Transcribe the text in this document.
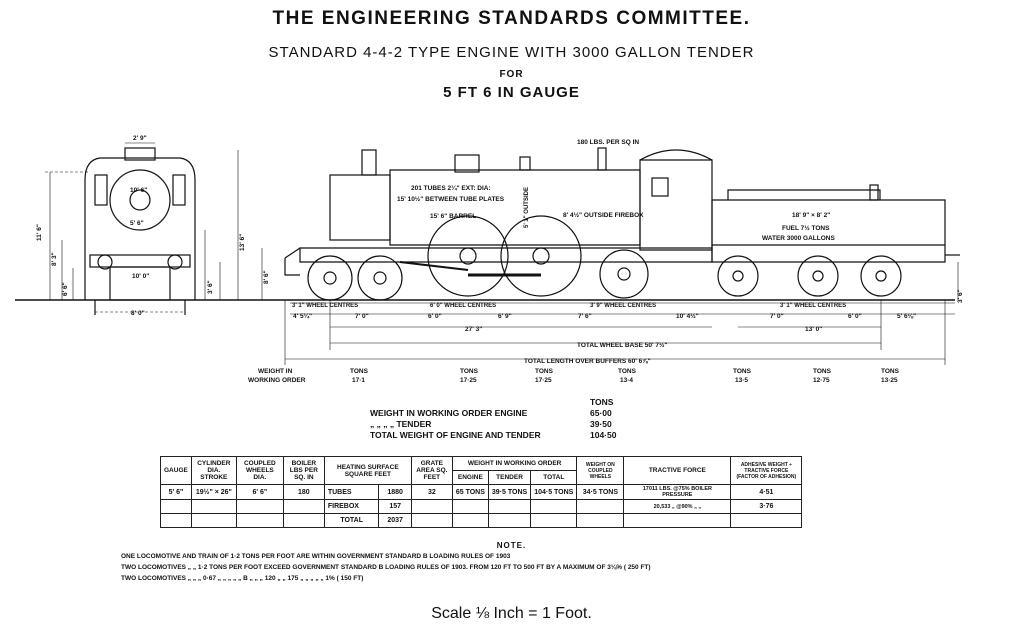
THE ENGINEERING STANDARDS COMMITTEE.
STANDARD 4-4-2 TYPE ENGINE WITH 3000 GALLON TENDER
FOR
5 FT 6 IN GAUGE
2' 9"
10' 6"
5' 6"
10' 0"
8' 0"
11' 6"
8' 3"
6' 6"	3' 6"
13' 6"
8' 6"
3' 6"
180 LBS. PER SQ IN
201 TUBES 2¼" EXT: DIA:
15' 10½" BETWEEN TUBE PLATES
15' 6" BARREL	5' 1" OUTSIDE	8' 4½" OUTSIDE FIREBOX	18' 9" × 8' 2"
FUEL 7½ TONS
WATER 3000 GALLONS
3' 1" WHEEL CENTRES	6' 0" WHEEL CENTRES	3' 9" WHEEL CENTRES	3' 1" WHEEL CENTRES
4' 5¼"	7' 0"	6' 0"	6' 9"	7' 6"	10' 4½"	7' 0"	6' 0"	5' 6⅛"
27' 3"	13' 0"
TOTAL WHEEL BASE 50' 7½"
TOTAL LENGTH OVER BUFFERS 60' 6⅞"
WEIGHT IN
WORKING ORDER
TONS
17·1
TONS
17·25
TONS
17·25
TONS
13·4
TONS
13·5
TONS
12·75
TONS
13·25
TONS
WEIGHT IN WORKING ORDER ENGINE	65·00
„ „ „ „ TENDER	39·50
TOTAL WEIGHT OF ENGINE AND TENDER	104·50
GAUGE	CYLINDER DIA. STROKE	COUPLED WHEELS DIA.	BOILER LBS PER SQ. IN	HEATING SURFACE SQUARE FEET		GRATE AREA SQ. FEET	WEIGHT IN WORKING ORDER			WEIGHT ON COUPLED WHEELS	TRACTIVE FORCE	ADHESIVE WEIGHT ÷ TRACTIVE FORCE (FACTOR OF ADHESION)
							ENGINE	TENDER	TOTAL			
5' 6"	19½" × 26"	6' 6"	180	TUBES	1880	32	65 TONS	39·5 TONS	104·5 TONS	34·5 TONS	17011 LBS. @75% BOILER PRESSURE	4·51
				FIREBOX	157						20,533 „ @90% „ „	3·76
				TOTAL	2037							
NOTE.
ONE LOCOMOTIVE AND TRAIN OF 1·2 TONS PER FOOT ARE WITHIN GOVERNMENT STANDARD B LOADING RULES OF 1903
TWO LOCOMOTIVES „ „ 1·2 TONS PER FOOT EXCEED GOVERNMENT STANDARD B LOADING RULES OF 1903. FROM 120 FT TO 500 FT BY A MAXIMUM OF 3⅛% ( 250 FT)
TWO LOCOMOTIVES „ „ „ 0·67 „ „ „ „ „ B „ „ „ 120 „ „ 175 „ „ „ „ „ 1% ( 150 FT)
Scale ⅛ Inch = 1 Foot.
